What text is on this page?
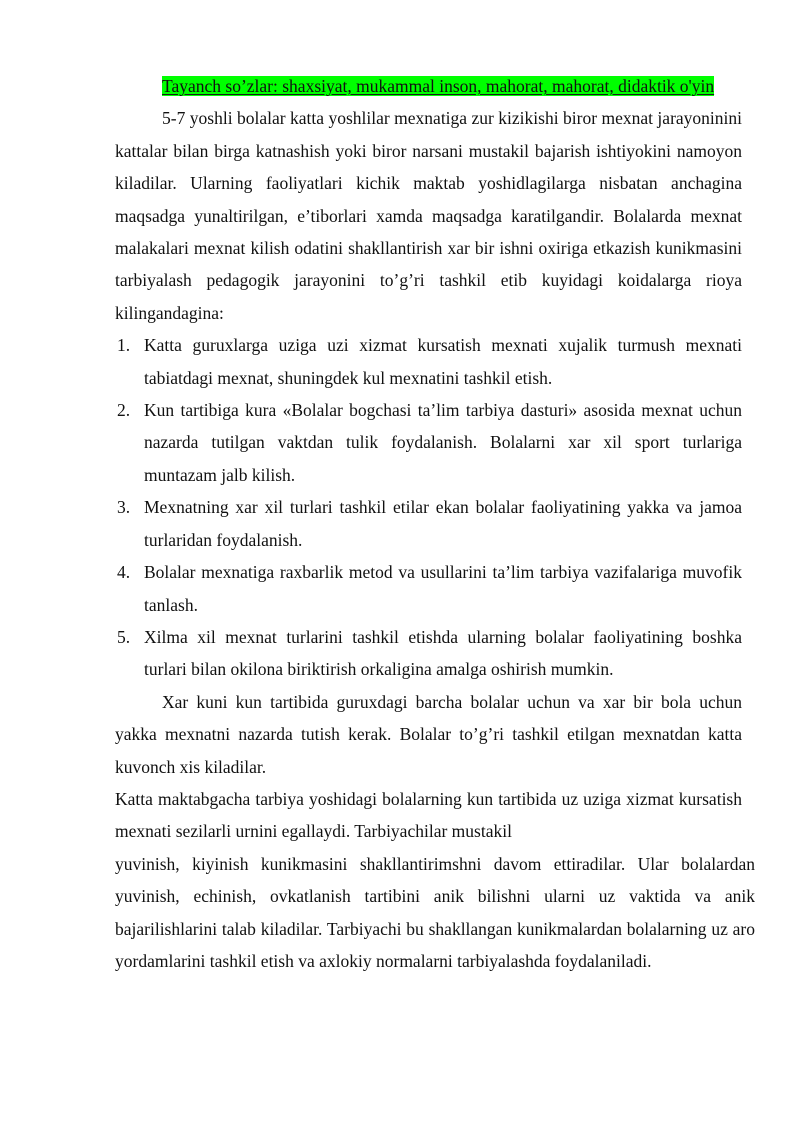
Tayanch so’zlar: shaxsiyat, mukammal inson, mahorat, mahorat, didaktik o'yin

5-7 yoshli bolalar katta yoshlilar mexnatiga zur kizikishi biror mexnat jarayoninini kattalar bilan birga katnashish yoki biror narsani mustakil bajarish ishtiyokini namoyon kiladilar. Ularning faoliyatlari kichik maktab yoshidlagilarga nisbatan anchagina maqsadga yunaltirilgan, e’tiborlari xamda maqsadga karatilgandir. Bolalarda mexnat malakalari mexnat kilish odatini shakllantirish xar bir ishni oxiriga etkazish kunikmasini tarbiyalash pedagogik jarayonini to’g’ri tashkil etib kuyidagi koidalarga rioya kilingandagina:

1. Katta guruxlarga uziga uzi xizmat kursatish mexnati xujalik turmush mexnati tabiatdagi mexnat, shuningdek kul mexnatini tashkil etish.
2. Kun tartibiga kura «Bolalar bogchasi ta’lim tarbiya dasturi» asosida mexnat uchun nazarda tutilgan vaktdan tulik foydalanish. Bolalarni xar xil sport turlariga muntazam jalb kilish.
3. Mexnatning xar xil turlari tashkil etilar ekan bolalar faoliyatining yakka va jamoa turlaridan foydalanish.
4. Bolalar mexnatiga raxbarlik metod va usullarini ta’lim tarbiya vazifalariga muvofik tanlash.
5. Xilma xil mexnat turlarini tashkil etishda ularning bolalar faoliyatining boshka turlari bilan okilona biriktirish orkaligina amalga oshirish mumkin.

Xar kuni kun tartibida guruxdagi barcha bolalar uchun va xar bir bola uchun yakka mexnatni nazarda tutish kerak. Bolalar to’g’ri tashkil etilgan mexnatdan katta kuvonch xis kiladilar.

Katta maktabgacha tarbiya yoshidagi bolalarning kun tartibida uz uziga xizmat kursatish mexnati sezilarli urnini egallaydi. Tarbiyachilar mustakil

yuvinish, kiyinish kunikmasini shakllantirimshni davom ettiradilar. Ular bolalardan yuvinish, echinish, ovkatlanish tartibini anik bilishni ularni uz vaktida va anik bajarilishlarini talab kiladilar. Tarbiyachi bu shakllangan kunikmalardan bolalarning uz aro yordamlarini tashkil etish va axlokiy normalarni tarbiyalashda foydalaniladi.
